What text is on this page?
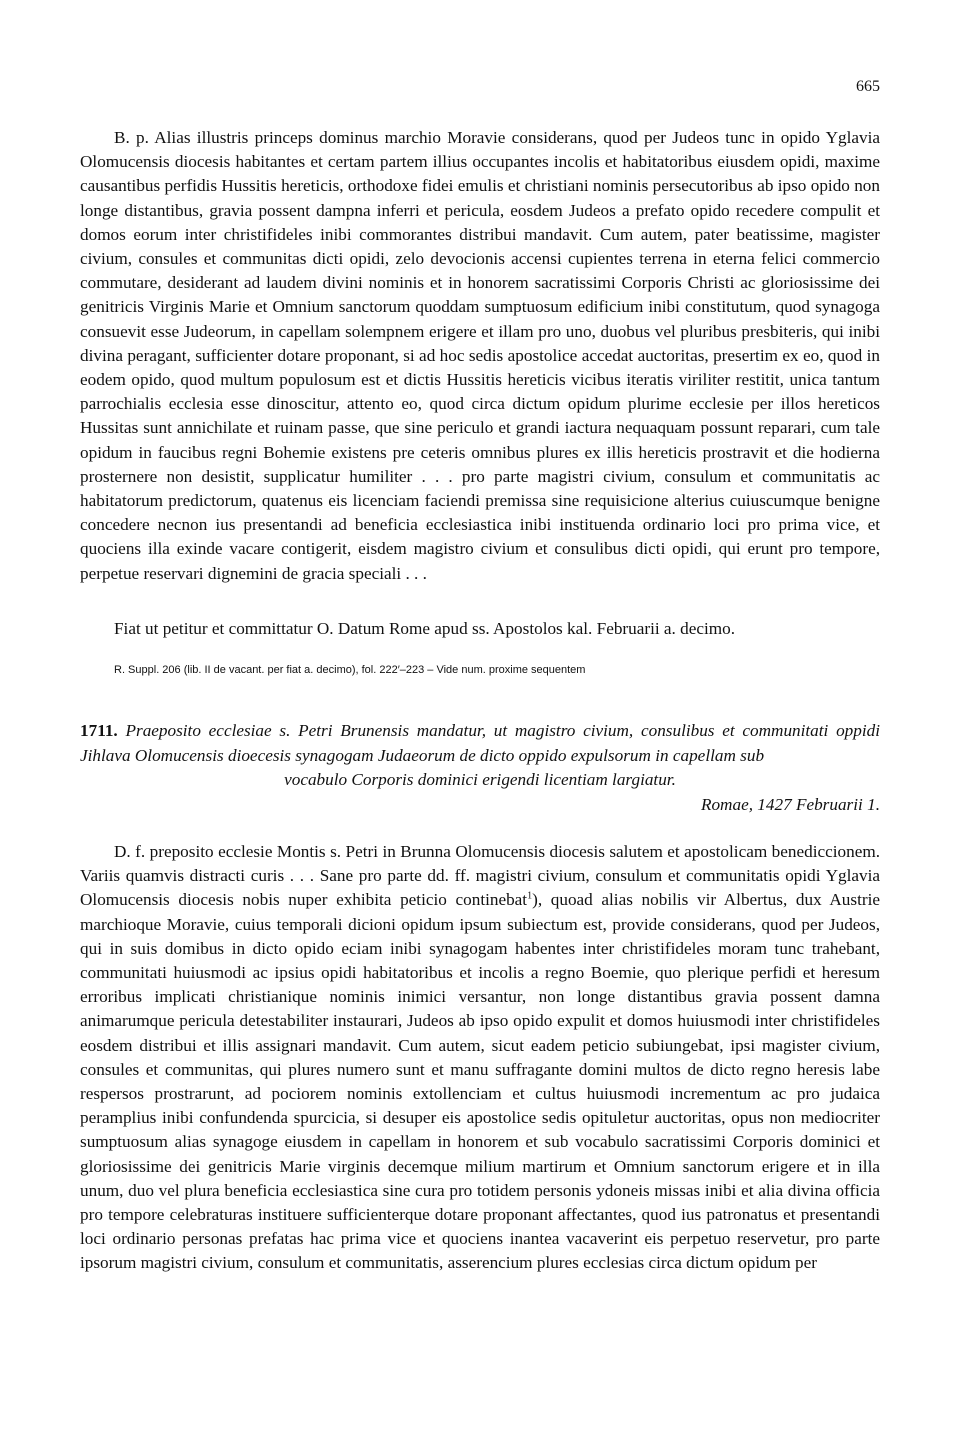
665

B. p. Alias illustris princeps dominus marchio Moravie considerans, quod per Judeos tunc in opido Yglavia Olomucensis diocesis habitantes et certam partem illius occupantes incolis et habitatoribus eiusdem opidi, maxime causantibus perfidis Hussitis hereticis, orthodoxe fidei emulis et christiani nominis persecutoribus ab ipso opido non longe distantibus, gravia possent dampna inferri et pericula, eosdem Judeos a prefato opido recedere compulit et domos eorum inter christifideles inibi commorantes distribui mandavit. Cum autem, pater beatissime, magister civium, consules et communitas dicti opidi, zelo devocionis accensi cupientes terrena in eterna felici commercio commutare, desiderant ad laudem divini nominis et in honorem sacratissimi Corporis Christi ac gloriosissime dei genitricis Virginis Marie et Omnium sanctorum quoddam sumptuosum edificium inibi constitutum, quod synagoga consuevit esse Judeorum, in capellam solempnem erigere et illam pro uno, duobus vel pluribus presbiteris, qui inibi divina peragant, sufficienter dotare proponant, si ad hoc sedis apostolice accedat auctoritas, presertim ex eo, quod in eodem opido, quod multum populosum est et dictis Hussitis hereticis vicibus iteratis viriliter restitit, unica tantum parrochialis ecclesia esse dinoscitur, attento eo, quod circa dictum opidum plurime ecclesie per illos hereticos Hussitas sunt annichilate et ruinam passe, que sine periculo et grandi iactura nequaquam possunt reparari, cum tale opidum in faucibus regni Bohemie existens pre ceteris omnibus plures ex illis hereticis prostravit et die hodierna prosternere non desistit, supplicatur humiliter . . . pro parte magistri civium, consulum et communitatis ac habitatorum predictorum, quatenus eis licenciam faciendi premissa sine requisicione alterius cuiuscumque benigne concedere necnon ius presentandi ad beneficia ecclesiastica inibi instituenda ordinario loci pro prima vice, et quociens illa exinde vacare contigerit, eisdem magistro civium et consulibus dicti opidi, qui erunt pro tempore, perpetue reservari dignemini de gracia speciali . . .

Fiat ut petitur et committatur O. Datum Rome apud ss. Apostolos kal. Februarii a. decimo.

R. Suppl. 206 (lib. II de vacant. per fiat a. decimo), fol. 222′–223 – Vide num. proxime sequentem

1711. Praeposito ecclesiae s. Petri Brunensis mandatur, ut magistro civium, consulibus et communitati oppidi Jihlava Olomucensis dioecesis synagogam Judaeorum de dicto oppido expulsorum in capellam sub
vocabulo Corporis dominici erigendi licentiam largiatur.

Romae, 1427 Februarii 1.

D. f. preposito ecclesie Montis s. Petri in Brunna Olomucensis diocesis salutem et apostolicam benediccionem. Variis quamvis distracti curis . . . Sane pro parte dd. ff. magistri civium, consulum et communitatis opidi Yglavia Olomucensis diocesis nobis nuper exhibita peticio continebat$^1$), quoad alias nobilis vir Albertus, dux Austrie marchioque Moravie, cuius temporali dicioni opidum ipsum subiectum est, provide considerans, quod per Judeos, qui in suis domibus in dicto opido eciam inibi synagogam habentes inter christifideles moram tunc trahebant, communitati huiusmodi ac ipsius opidi habitatoribus et incolis a regno Boemie, quo plerique perfidi et heresum erroribus implicati christianique nominis inimici versantur, non longe distantibus gravia possent damna animarumque pericula detestabiliter instaurari, Judeos ab ipso opido expulit et domos huiusmodi inter christifideles eosdem distribui et illis assignari mandavit. Cum autem, sicut eadem peticio subiungebat, ipsi magister civium, consules et communitas, qui plures numero sunt et manu suffragante domini multos de dicto regno heresis labe respersos prostrarunt, ad pociorem nominis extollenciam et cultus huiusmodi incrementum ac pro judaica peramplius inibi confundenda spurcicia, si desuper eis apostolice sedis opituletur auctoritas, opus non mediocriter sumptuosum alias synagoge eiusdem in capellam in honorem et sub vocabulo sacratissimi Corporis dominici et gloriosissime dei genitricis Marie virginis decemque milium martirum et Omnium sanctorum erigere et in illa unum, duo vel plura beneficia ecclesiastica sine cura pro totidem personis ydoneis missas inibi et alia divina officia pro tempore celebraturas instituere sufficienterque dotare proponant affectantes, quod ius patronatus et presentandi loci ordinario personas prefatas hac prima vice et quociens inantea vacaverint eis perpetuo reservetur, pro parte ipsorum magistri civium, consulum et communitatis, asserencium plures ecclesias circa dictum opidum per
